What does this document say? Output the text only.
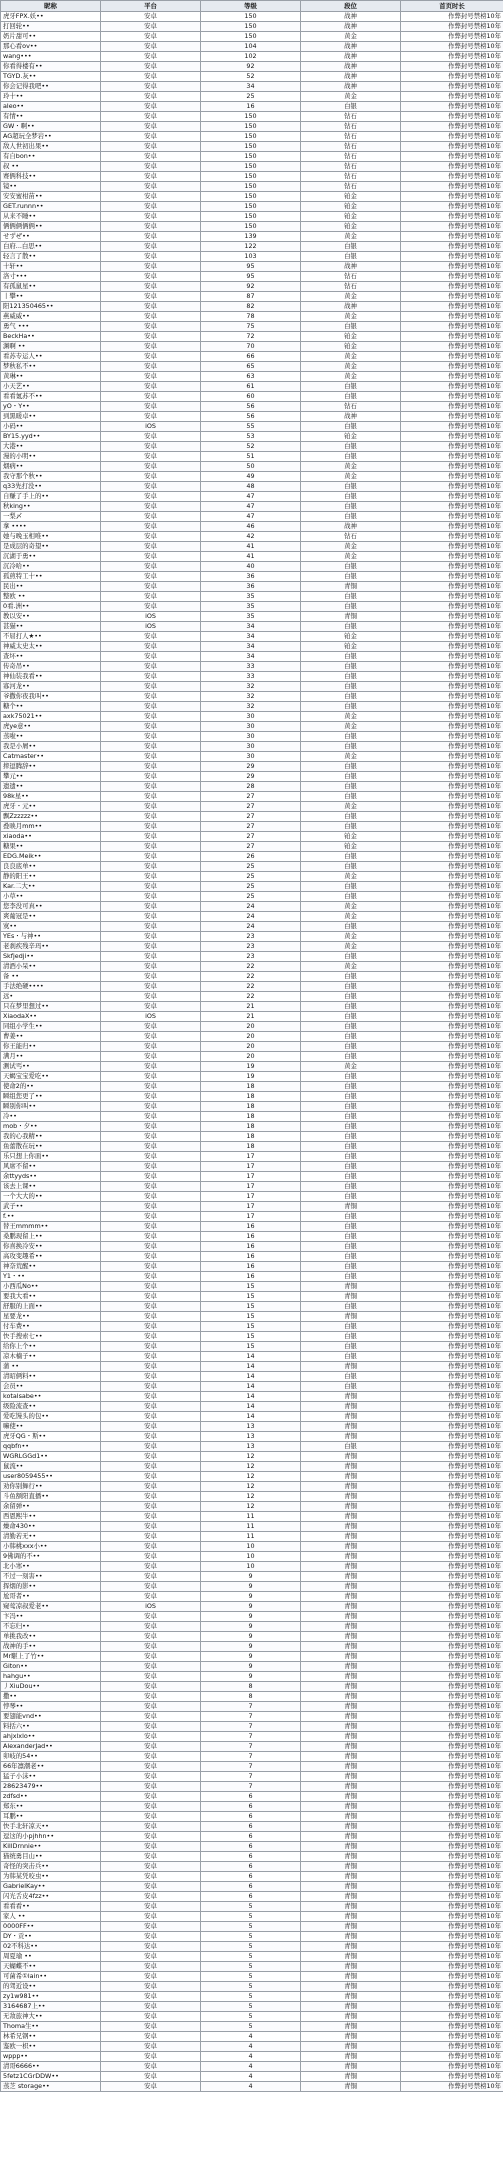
昵称	平台	等级	段位	首页时长
虎牙FPX.妖••	安卓	150	战神	作弊封号禁榜10年
打回轮••	安卓	150	战神	作弊封号禁榜10年
奶片甜可••	安卓	150	黄金	作弊封号禁榜10年
那心看ov••	安卓	104	战神	作弊封号禁榜10年
wang•••	安卓	102	战神	作弊封号禁榜10年
你看得楼有••	安卓	92	战神	作弊封号禁榜10年
TGYD.灰••	安卓	52	战神	作弊封号禁榜10年
你会记得我吧••	安卓	34	战神	作弊封号禁榜10年
玲十••	安卓	25	黄金	作弊封号禁榜10年
aleo••	安卓	16	白银	作弊封号禁榜10年
有情••	安卓	150	钻石	作弊封号禁榜10年
GW・啊••	安卓	150	钻石	作弊封号禁榜10年
AG超玩全梦岩••	安卓	150	钻石	作弊封号禁榜10年
敌人世初出果••	安卓	150	钻石	作弊封号禁榜10年
有自bon••	安卓	150	钻石	作弊封号禁榜10年
叔 ••	安卓	150	钻石	作弊封号禁榜10年
赛俩科技••	安卓	150	钻石	作弊封号禁榜10年
镜••	安卓	150	钻石	作弊封号禁榜10年
安安蜜柑苗••	安卓	150	铂金	作弊封号禁榜10年
GET.runnn••	安卓	150	铂金	作弊封号禁榜10年
从来不睡••	安卓	150	铂金	作弊封号禁榜10年
俩俩俩俩俩••	安卓	150	铂金	作弊封号禁榜10年
せずぜ••	安卓	139	黄金	作弊封号禁榜10年
白府...白思••	安卓	122	白银	作弊封号禁榜10年
轻言了散••	安卓	103	白银	作弊封号禁榜10年
十轩••	安卓	95	战神	作弊封号禁榜10年
洛寸•••	安卓	95	钻石	作弊封号禁榜10年
有孤鼠星••	安卓	92	钻石	作弊封号禁榜10年
丨攀••	安卓	87	黄金	作弊封号禁榜10年
阳121350465••	安卓	82	战神	作弊封号禁榜10年
燕威威••	安卓	78	黄金	作弊封号禁榜10年
勇气 •••	安卓	75	白银	作弊封号禁榜10年
BeckHa••	安卓	72	铂金	作弊封号禁榜10年
渊啊 ••	安卓	70	铂金	作弊封号禁榜10年
看苏专运人••	安卓	66	黄金	作弊封号禁榜10年
梦秋私不••	安卓	65	黄金	作弊封号禁榜10年
黄琳••	安卓	63	黄金	作弊封号禁榜10年
小天艺••	安卓	61	白银	作弊封号禁榜10年
看看氪苏不••	安卓	60	白银	作弊封号禁榜10年
yO・Y••	安卓	56	钻石	作弊封号禁榜10年
到黑暖卓••	安卓	56	战神	作弊封号禁榜10年
小码••	iOS	55	白银	作弊封号禁榜10年
BY15.yyd••	安卓	53	铂金	作弊封号禁榜10年
大港••	安卓	52	白银	作弊封号禁榜10年
漫的小明••	安卓	51	白银	作弊封号禁榜10年
烟病••	安卓	50	黄金	作弊封号禁榜10年
我守那个秋••	安卓	49	黄金	作弊封号禁榜10年
q33先打没••	安卓	48	白银	作弊封号禁榜10年
自赚了手上的••	安卓	47	白银	作弊封号禁榜10年
秋king••	安卓	47	白银	作弊封号禁榜10年
一梨〆	安卓	47	白银	作弊封号禁榜10年
拿 ••••	安卓	46	战神	作弊封号禁榜10年
她与晚玉相唯••	安卓	42	钻石	作弊封号禁榜10年
是成层的奇望••	安卓	41	黄金	作弊封号禁榜10年
沉湖于勇••	安卓	41	黄金	作弊封号禁榜10年
沉冷哈••	安卓	40	白银	作弊封号禁榜10年
孤煎特工十••	安卓	36	白银	作弊封号禁榜10年
民出••	安卓	36	青铜	作弊封号禁榜10年
整欧 ••	安卓	35	白银	作弊封号禁榜10年
0看.洲••	安卓	35	白银	作弊封号禁榜10年
教以安••	iOS	35	青铜	作弊封号禁榜10年
甚猫••	iOS	34	白银	作弊封号禁榜10年
不屈打人★••	安卓	34	铂金	作弊封号禁榜10年
神威太史太••	安卓	34	铂金	作弊封号禁榜10年
查坏••	安卓	34	白银	作弊封号禁榜10年
传奇吊••	安卓	33	白银	作弊封号禁榜10年
神仙装我看••	安卓	33	白银	作弊封号禁榜10年
寡河龙••	安卓	32	白银	作弊封号禁榜10年
爷撒你夜我叫••	安卓	32	白银	作弊封号禁榜10年
糖个••	安卓	32	白银	作弊封号禁榜10年
axk75021••	安卓	30	黄金	作弊封号禁榜10年
虎ye意••	安卓	30	黄金	作弊封号禁榜10年
蒸啦••	安卓	30	白银	作弊封号禁榜10年
我是小屑••	安卓	30	白银	作弊封号禁榜10年
Catmaster••	安卓	30	黄金	作弊封号禁榜10年
摔逗腾辞••	安卓	29	白银	作弊封号禁榜10年
攀元••	安卓	29	白银	作弊封号禁榜10年
遗遗••	安卓	28	白银	作弊封号禁榜10年
98k星••	安卓	27	白银	作弊封号禁榜10年
虎牙・元••	安卓	27	黄金	作弊封号禁榜10年
飘Zzzzzz••	安卓	27	白银	作弊封号禁榜10年
叠映月mm••	安卓	27	白银	作弊封号禁榜10年
xiaoda••	安卓	27	铂金	作弊封号禁榜10年
糖果••	安卓	27	铂金	作弊封号禁榜10年
EDG.Meik••	安卓	26	白银	作弊封号禁榜10年
良良底单••	安卓	25	白银	作弊封号禁榜10年
静的阳王••	安卓	25	黄金	作弊封号禁榜10年
Kar.二大••	安卓	25	白银	作弊封号禁榜10年
小草••	安卓	25	白银	作弊封号禁榜10年
您李没可真••	安卓	24	黄金	作弊封号禁榜10年
爽葡冠是••	安卓	24	黄金	作弊封号禁榜10年
寞••	安卓	24	白银	作弊封号禁榜10年
YEs・与神••	安卓	23	黄金	作弊封号禁榜10年
老刹疾残辛玛••	安卓	23	黄金	作弊封号禁榜10年
Skfjedji••	安卓	23	白银	作弊封号禁榜10年
清酒小呆••	安卓	22	黄金	作弊封号禁榜10年
备 ••	安卓	22	白银	作弊封号禁榜10年
手法绝硬••••	安卓	22	白银	作弊封号禁榜10年
远•	安卓	22	白银	作弊封号禁榜10年
只在梦里想过••	安卓	21	白银	作弊封号禁榜10年
XiaodaX••	iOS	21	白银	作弊封号禁榜10年
同组小学生••	安卓	20	白银	作弊封号禁榜10年
曹姜••	安卓	20	白银	作弊封号禁榜10年
你王能归••	安卓	20	白银	作弊封号禁榜10年
满月••	安卓	20	白银	作弊封号禁榜10年
测试丐••	安卓	19	黄金	作弊封号禁榜10年
天蝎宝宝爱吃••	安卓	19	白银	作弊封号禁榜10年
使命2的••	安卓	18	白银	作弊封号禁榜10年
瞬组您更了••	安卓	18	白银	作弊封号禁榜10年
瞬别你叫••	安卓	18	白银	作弊封号禁榜10年
冷••	安卓	18	白银	作弊封号禁榜10年
mob・夕••	安卓	18	白银	作弊封号禁榜10年
我的心我精••	安卓	18	白银	作弊封号禁榜10年
鱼蕾散在玩••	安卓	18	白银	作弊封号禁榜10年
乐只想上你面••	安卓	17	白银	作弊封号禁榜10年
风席不留••	安卓	17	白银	作弊封号禁榜10年
余ttyyds••	安卓	17	白银	作弊封号禁榜10年
该去上课••	安卓	17	白银	作弊封号禁榜10年
一个大大的••	安卓	17	白银	作弊封号禁榜10年
武子••	安卓	17	青铜	作弊封号禁榜10年
f.••	安卓	17	白银	作弊封号禁榜10年
替王mmmm••	安卓	16	白银	作弊封号禁榜10年
桑鹏现留上••	安卓	16	白银	作弊封号禁榜10年
你喜换冷安••	安卓	16	白银	作弊封号禁榜10年
高攻变趣希••	安卓	16	白银	作弊封号禁榜10年
神奈荒醒••	安卓	16	白银	作弊封号禁榜10年
Y1・••	安卓	16	白银	作弊封号禁榜10年
小西瓜No••	安卓	15	青铜	作弊封号禁榜10年
要我大看••	安卓	15	青铜	作弊封号禁榜10年
舒服的上面••	安卓	15	白银	作弊封号禁榜10年
星要龙••	安卓	15	青铜	作弊封号禁榜10年
付车费••	安卓	15	白银	作弊封号禁榜10年
快手搜索七••	安卓	15	白银	作弊封号禁榜10年
给你上个••	安卓	15	白银	作弊封号禁榜10年
凉木楠子••	安卓	14	白银	作弊封号禁榜10年
蒲 ••	安卓	14	青铜	作弊封号禁榜10年
清昭俩料••	安卓	14	白银	作弊封号禁榜10年
会员••	安卓	14	白银	作弊封号禁榜10年
kotalsabe••	安卓	14	青铜	作弊封号禁榜10年
级险流查••	安卓	14	青铜	作弊封号禁榜10年
爱吃馒头的包••	安卓	14	青铜	作弊封号禁榜10年
嘛使••	安卓	13	青铜	作弊封号禁榜10年
虎牙QG・斯••	安卓	13	青铜	作弊封号禁榜10年
qqbfn••	安卓	13	白银	作弊封号禁榜10年
WGRLGGd1••	安卓	12	青铜	作弊封号禁榜10年
鼠流••	安卓	12	青铜	作弊封号禁榜10年
user8059455••	安卓	12	青铜	作弊封号禁榜10年
劝你别舞行••	安卓	12	青铜	作弊封号禁榜10年
斗鱼额阳直播••	安卓	12	青铜	作弊封号禁榜10年
余留弹••	安卓	12	青铜	作弊封号禁榜10年
西恩熙牛••	安卓	11	青铜	作弊封号禁榜10年
燥命430••	安卓	11	青铜	作弊封号禁榜10年
清勤若无••	安卓	11	青铜	作弊封号禁榜10年
小韩桃xxx小••	安卓	10	青铜	作弊封号禁榜10年
9佛调的不••	安卓	10	青铜	作弊封号禁榜10年
北小寒••	安卓	10	青铜	作弊封号禁榜10年
不过一刻害••	安卓	9	青铜	作弊封号禁榜10年
挥烟的影••	安卓	9	青铜	作弊封号禁榜10年
尬哥者••	安卓	9	青铜	作弊封号禁榜10年
窥莺凉叔爱老••	iOS	9	青铜	作弊封号禁榜10年
卞冯••	安卓	9	青铜	作弊封号禁榜10年
不忘归••	安卓	9	青铜	作弊封号禁榜10年
单挑我改••	安卓	9	青铜	作弊封号禁榜10年
战神的手••	安卓	9	青铜	作弊封号禁榜10年
Mr駆上了竹••	安卓	9	青铜	作弊封号禁榜10年
Giton••	安卓	9	青铜	作弊封号禁榜10年
hahgu••	安卓	9	青铜	作弊封号禁榜10年
丿XiuDou••	安卓	8	青铜	作弊封号禁榜10年
撒••	安卓	8	青铜	作弊封号禁榜10年
悖琴••	安卓	7	青铜	作弊封号禁榜10年
要翅能vnd••	安卓	7	青铜	作弊封号禁榜10年
料括六••	安卓	7	青铜	作弊封号禁榜10年
ahjxlxlo••	安卓	7	青铜	作弊封号禁榜10年
AlexanderJad••	安卓	7	青铜	作弊封号禁榜10年
卯岐的54••	安卓	7	青铜	作弊封号禁榜10年
66年凛潮老••	安卓	7	青铜	作弊封号禁榜10年
猛子小沫••	安卓	7	青铜	作弊封号禁榜10年
28623479••	安卓	7	青铜	作弊封号禁榜10年
zdfsd••	安卓	6	青铜	作弊封号禁榜10年
郑东••	安卓	6	青铜	作弊封号禁榜10年
耳鹏••	安卓	6	青铜	作弊封号禁榜10年
快手北轩凉天••	安卓	6	青铜	作弊封号禁榜10年
逗这的小pjhhn••	安卓	6	青铜	作弊封号禁榜10年
KillDrnnie••	安卓	6	青铜	作弊封号禁榜10年
猫统勇目山••	安卓	6	青铜	作弊封号禁榜10年
奇怪的突击兵••	安卓	6	青铜	作弊封号禁榜10年
为韩某凭咬虫••	安卓	6	青铜	作弊封号禁榜10年
GabrielKay••	安卓	6	青铜	作弊封号禁榜10年
闪光舌皮4fzz••	安卓	6	青铜	作弊封号禁榜10年
看看看••	安卓	5	青铜	作弊封号禁榜10年
家人 ••	安卓	5	青铜	作弊封号禁榜10年
0000FF••	安卓	5	青铜	作弊封号禁榜10年
DY・贡••	安卓	5	青铜	作弊封号禁榜10年
02不科达••	安卓	5	青铜	作弊封号禁榜10年
周夏瑜 ••	安卓	5	青铜	作弊封号禁榜10年
天蝴蝶不••	安卓	5	青铜	作弊封号禁榜10年
可菌希①lain••	安卓	5	青铜	作弊封号禁榜10年
的驾近设••	安卓	5	青铜	作弊封号禁榜10年
zy1w981••	安卓	5	青铜	作弊封号禁榜10年
3164687上••	安卓	5	青铜	作弊封号禁榜10年
无敌旅神大••	安卓	5	青铜	作弊封号禁榜10年
Thoma生••	安卓	5	青铜	作弊封号禁榜10年
林希兄钢••	安卓	4	青铜	作弊封号禁榜10年
鉴欧一枳••	安卓	4	青铜	作弊封号禁榜10年
wppp••	安卓	4	青铜	作弊封号禁榜10年
清哥6666••	安卓	4	青铜	作弊封号禁榜10年
5fetz1CGrDDW••	安卓	4	青铜	作弊封号禁榜10年
蒸芝 storage••	安卓	4	青铜	作弊封号禁榜10年
